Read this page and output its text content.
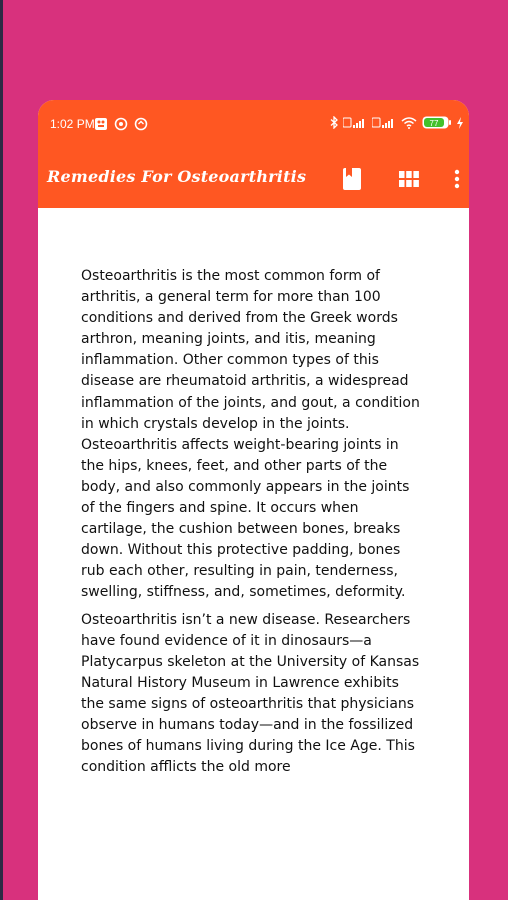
1:02 PM	77
Remedies For Osteoarthritis

Osteoarthritis is the most common form of arthritis, a general term for more than 100 conditions and derived from the Greek words arthron, meaning joints, and itis, meaning inflammation. Other common types of this disease are rheumatoid arthritis, a widespread inflammation of the joints, and gout, a condition in which crystals develop in the joints. Osteoarthritis affects weight-bearing joints in the hips, knees, feet, and other parts of the body, and also commonly appears in the joints of the fingers and spine. It occurs when cartilage, the cushion between bones, breaks down. Without this protective padding, bones rub each other, resulting in pain, tenderness, swelling, stiffness, and, sometimes, deformity.

Osteoarthritis isn’t a new disease. Researchers have found evidence of it in dinosaurs—a Platycarpus skeleton at the University of Kansas Natural History Museum in Lawrence exhibits the same signs of osteoarthritis that physicians observe in humans today—and in the fossilized bones of humans living during the Ice Age. This condition afflicts the old more
